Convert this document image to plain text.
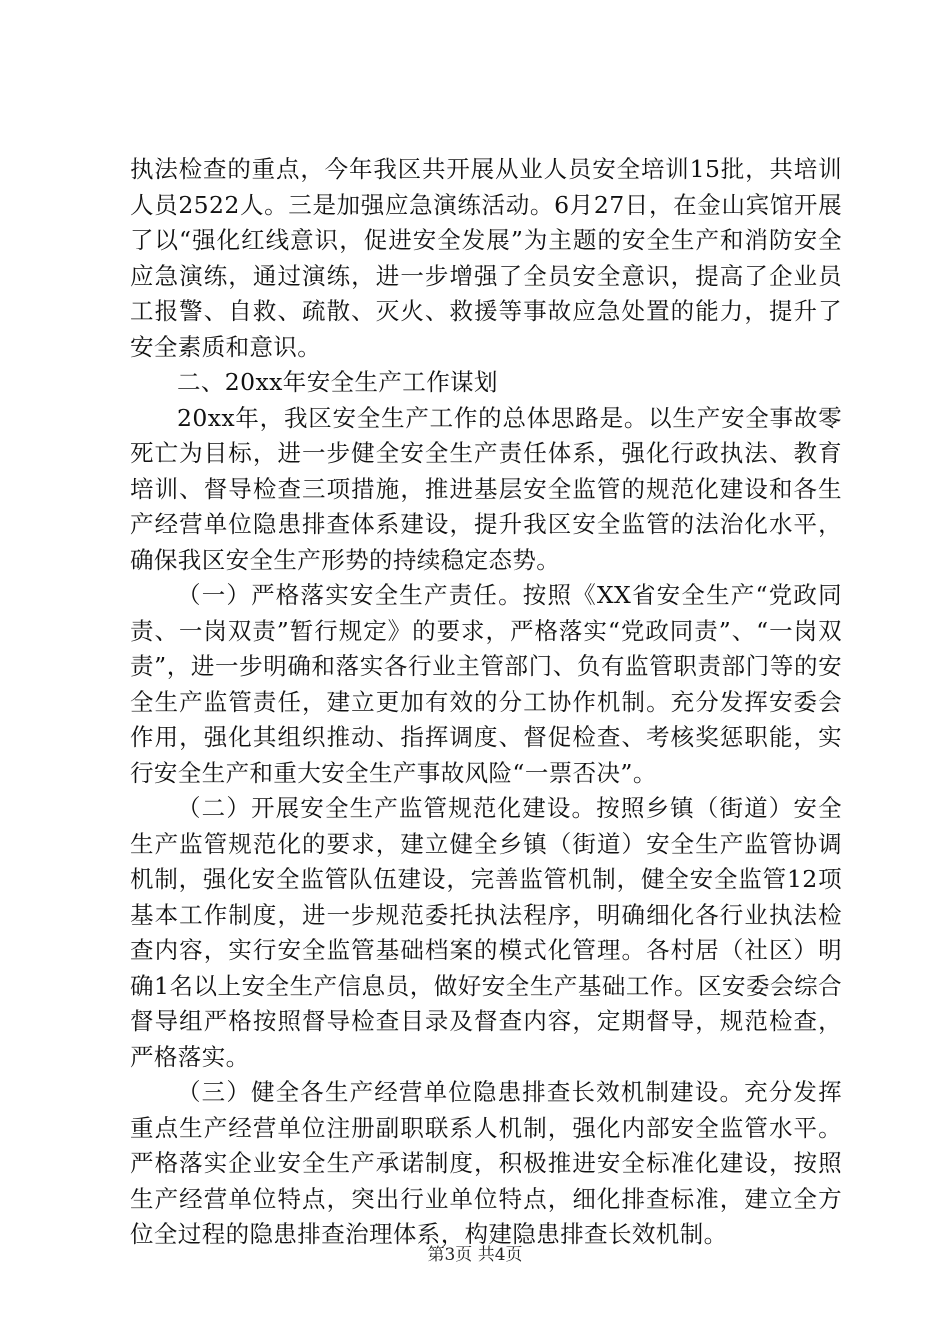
执法检查的重点，今年我区共开展从业人员安全培训15批，共培训人员2522人。三是加强应急演练活动。6月27日，在金山宾馆开展了以“强化红线意识，促进安全发展”为主题的安全生产和消防安全应急演练，通过演练，进一步增强了全员安全意识，提高了企业员工报警、自救、疏散、灭火、救援等事故应急处置的能力，提升了安全素质和意识。

二、20xx年安全生产工作谋划

20xx年，我区安全生产工作的总体思路是。以生产安全事故零死亡为目标，进一步健全安全生产责任体系，强化行政执法、教育培训、督导检查三项措施，推进基层安全监管的规范化建设和各生产经营单位隐患排查体系建设，提升我区安全监管的法治化水平，确保我区安全生产形势的持续稳定态势。

（一）严格落实安全生产责任。按照《XX省安全生产“党政同责、一岗双责”暂行规定》的要求，严格落实“党政同责”、“一岗双责”，进一步明确和落实各行业主管部门、负有监管职责部门等的安全生产监管责任，建立更加有效的分工协作机制。充分发挥安委会作用，强化其组织推动、指挥调度、督促检查、考核奖惩职能，实行安全生产和重大安全生产事故风险“一票否决”。

（二）开展安全生产监管规范化建设。按照乡镇（街道）安全生产监管规范化的要求，建立健全乡镇（街道）安全生产监管协调机制，强化安全监管队伍建设，完善监管机制，健全安全监管12项基本工作制度，进一步规范委托执法程序，明确细化各行业执法检查内容，实行安全监管基础档案的模式化管理。各村居（社区）明确1名以上安全生产信息员，做好安全生产基础工作。区安委会综合督导组严格按照督导检查目录及督查内容，定期督导，规范检查，严格落实。

（三）健全各生产经营单位隐患排查长效机制建设。充分发挥重点生产经营单位注册副职联系人机制，强化内部安全监管水平。严格落实企业安全生产承诺制度，积极推进安全标准化建设，按照生产经营单位特点，突出行业单位特点，细化排查标准，建立全方位全过程的隐患排查治理体系，构建隐患排查长效机制。

第3页 共4页
